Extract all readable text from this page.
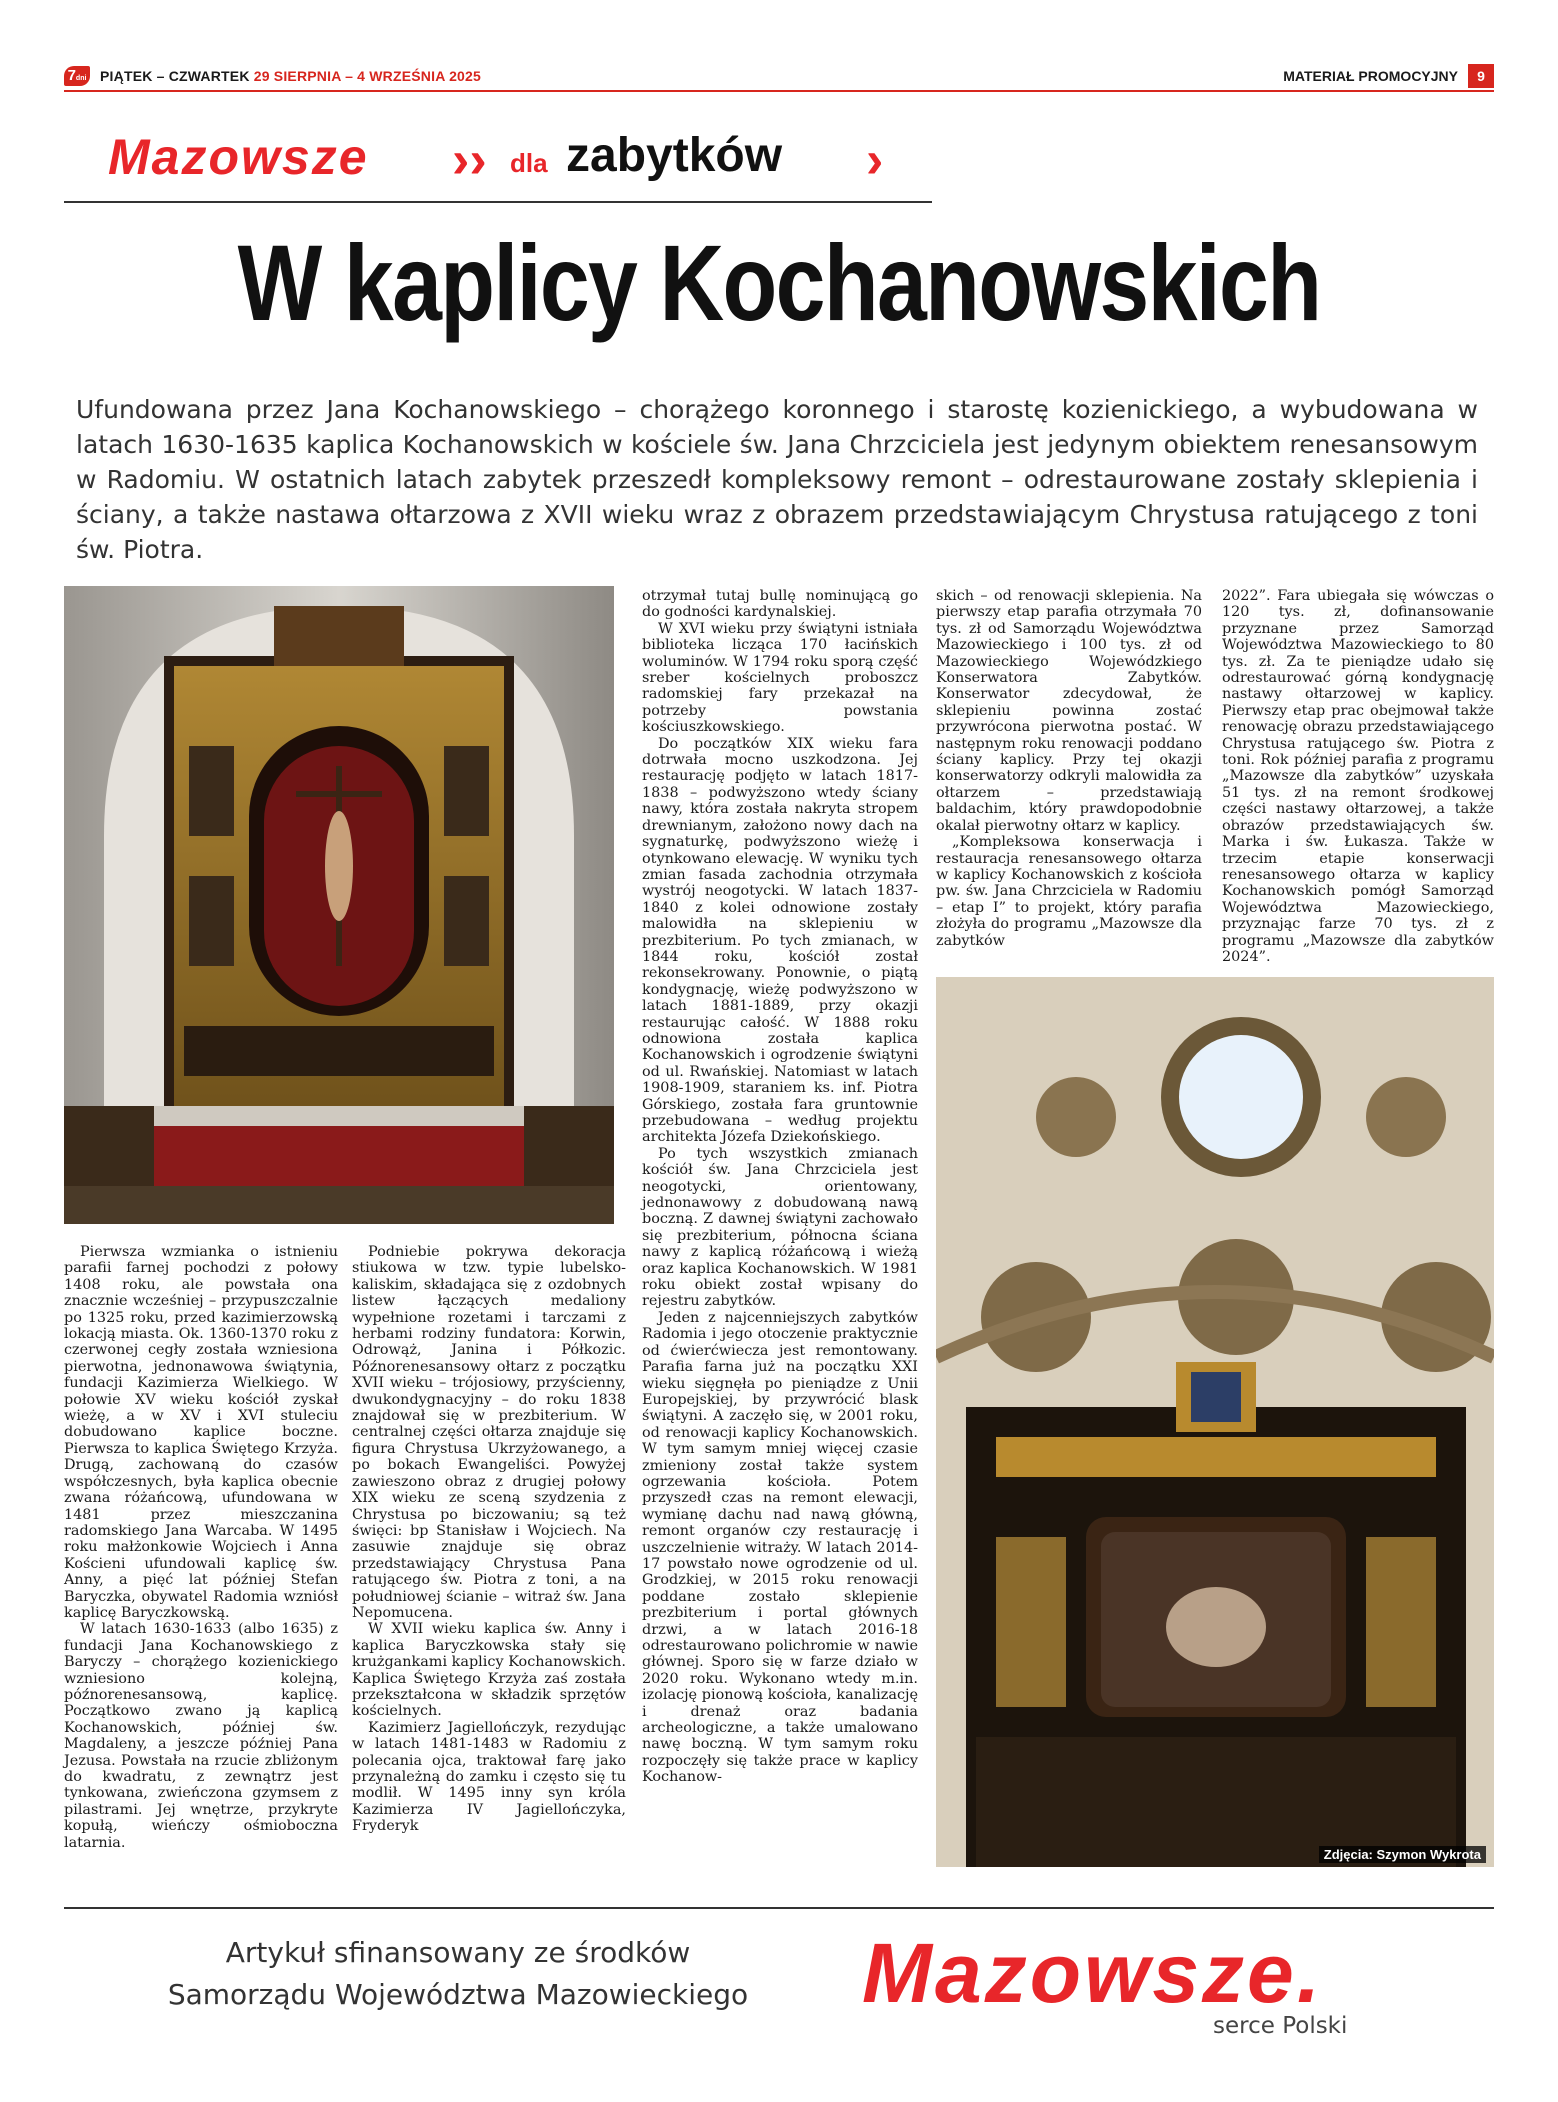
7dni PIĄTEK – CZWARTEK 29 SIERPNIA – 4 WRZEŚNIA 2025	MATERIAŁ PROMOCYJNY	9
Mazowsze ›› dla zabytków ›
W kaplicy Kochanowskich
Ufundowana przez Jana Kochanowskiego – chorążego koronnego i starostę kozienickiego, a wybudowana w latach 1630-1635 kaplica Kochanowskich w kościele św. Jana Chrzciciela jest jedynym obiektem renesansowym w Radomiu. W ostatnich latach zabytek przeszedł kompleksowy remont – odrestaurowane zostały sklepienia i ściany, a także nastawa ołtarzowa z XVII wieku wraz z obrazem przedstawiającym Chrystusa ratującego z toni św. Piotra.
Zdjęcia: Szymon Wykrota

Pierwsza wzmianka o istnieniu parafii farnej pochodzi z połowy 1408 roku, ale powstała ona znacznie wcześniej – przypuszczalnie po 1325 roku, przed kazimierzowską lokacją miasta. Ok. 1360-1370 roku z czerwonej cegły została wzniesiona pierwotna, jednonawowa świątynia, fundacji Kazimierza Wielkiego. W połowie XV wieku kościół zyskał wieżę, a w XV i XVI stuleciu dobudowano kaplice boczne. Pierwsza to kaplica Świętego Krzyża. Drugą, zachowaną do czasów współczesnych, była kaplica obecnie zwana różańcową, ufundowana w 1481 przez mieszczanina radomskiego Jana Warcaba. W 1495 roku małżonkowie Wojciech i Anna Kościeni ufundowali kaplicę św. Anny, a pięć lat później Stefan Baryczka, obywatel Radomia wzniósł kaplicę Baryczkowską.

W latach 1630-1633 (albo 1635) z fundacji Jana Kochanowskiego z Baryczy – chorążego kozienickiego wzniesiono kolejną, późnorenesansową, kaplicę. Początkowo zwano ją kaplicą Kochanowskich, później św. Magdaleny, a jeszcze później Pana Jezusa. Powstała na rzucie zbliżonym do kwadratu, z zewnątrz jest tynkowana, zwieńczona gzymsem z pilastrami. Jej wnętrze, przykryte kopułą, wieńczy ośmioboczna latarnia.

Podniebie pokrywa dekoracja stiukowa w tzw. typie lubelsko-kaliskim, składająca się z ozdobnych listew łączących medaliony wypełnione rozetami i tarczami z herbami rodziny fundatora: Korwin, Odrowąż, Janina i Półkozic. Późnorenesansowy ołtarz z początku XVII wieku – trójosiowy, przyścienny, dwukondygnacyjny – do roku 1838 znajdował się w prezbiterium. W centralnej części ołtarza znajduje się figura Chrystusa Ukrzyżowanego, a po bokach Ewangeliści. Powyżej zawieszono obraz z drugiej połowy XIX wieku ze sceną szydzenia z Chrystusa po biczowaniu; są też święci: bp Stanisław i Wojciech. Na zasuwie znajduje się obraz przedstawiający Chrystusa Pana ratującego św. Piotra z toni, a na południowej ścianie – witraż św. Jana Nepomucena.

W XVII wieku kaplica św. Anny i kaplica Baryczkowska stały się krużgankami kaplicy Kochanowskich. Kaplica Świętego Krzyża zaś została przekształcona w składzik sprzętów kościelnych.

Kazimierz Jagiellończyk, rezydując w latach 1481-1483 w Radomiu z polecania ojca, traktował farę jako przynależną do zamku i często się tu modlił. W 1495 inny syn króla Kazimierza IV Jagiellończyka, Fryderyk

otrzymał tutaj bullę nominującą go do godności kardynalskiej.

W XVI wieku przy świątyni istniała biblioteka licząca 170 łacińskich woluminów. W 1794 roku sporą część sreber kościelnych proboszcz radomskiej fary przekazał na potrzeby powstania kościuszkowskiego.

Do początków XIX wieku fara dotrwała mocno uszkodzona. Jej restaurację podjęto w latach 1817-1838 – podwyższono wtedy ściany nawy, która została nakryta stropem drewnianym, założono nowy dach na sygnaturkę, podwyższono wieżę i otynkowano elewację. W wyniku tych zmian fasada zachodnia otrzymała wystrój neogotycki. W latach 1837-1840 z kolei odnowione zostały malowidła na sklepieniu w prezbiterium. Po tych zmianach, w 1844 roku, kościół został rekonsekrowany. Ponownie, o piątą kondygnację, wieżę podwyższono w latach 1881-1889, przy okazji restaurując całość. W 1888 roku odnowiona została kaplica Kochanowskich i ogrodzenie świątyni od ul. Rwańskiej. Natomiast w latach 1908-1909, staraniem ks. inf. Piotra Górskiego, została fara gruntownie przebudowana – według projektu architekta Józefa Dziekońskiego.

Po tych wszystkich zmianach kościół św. Jana Chrzciciela jest neogotycki, orientowany, jednonawowy z dobudowaną nawą boczną. Z dawnej świątyni zachowało się prezbiterium, północna ściana nawy z kaplicą różańcową i wieżą oraz kaplica Kochanowskich. W 1981 roku obiekt został wpisany do rejestru zabytków.

Jeden z najcenniejszych zabytków Radomia i jego otoczenie praktycznie od ćwierćwiecza jest remontowany. Parafia farna już na początku XXI wieku sięgnęła po pieniądze z Unii Europejskiej, by przywrócić blask świątyni. A zaczęło się, w 2001 roku, od renowacji kaplicy Kochanowskich. W tym samym mniej więcej czasie zmieniony został także system ogrzewania kościoła. Potem przyszedł czas na remont elewacji, wymianę dachu nad nawą główną, remont organów czy restaurację i uszczelnienie witraży. W latach 2014-17 powstało nowe ogrodzenie od ul. Grodzkiej, w 2015 roku renowacji poddane zostało sklepienie prezbiterium i portal głównych drzwi, a w latach 2016-18 odrestaurowano polichromie w nawie głównej. Sporo się w farze działo w 2020 roku. Wykonano wtedy m.in. izolację pionową kościoła, kanalizację i drenaż oraz badania archeologiczne, a także umalowano nawę boczną. W tym samym roku rozpoczęły się także prace w kaplicy Kochanow-

skich – od renowacji sklepienia. Na pierwszy etap parafia otrzymała 70 tys. zł od Samorządu Województwa Mazowieckiego i 100 tys. zł od Mazowieckiego Wojewódzkiego Konserwatora Zabytków. Konserwator zdecydował, że sklepieniu powinna zostać przywrócona pierwotna postać. W następnym roku renowacji poddano ściany kaplicy. Przy tej okazji konserwatorzy odkryli malowidła za ołtarzem – przedstawiają baldachim, który prawdopodobnie okalał pierwotny ołtarz w kaplicy.

„Kompleksowa konserwacja i restauracja renesansowego ołtarza w kaplicy Kochanowskich z kościoła pw. św. Jana Chrzciciela w Radomiu – etap I” to projekt, który parafia złożyła do programu „Mazowsze dla zabytków

2022”. Fara ubiegała się wówczas o 120 tys. zł, dofinansowanie przyznane przez Samorząd Województwa Mazowieckiego to 80 tys. zł. Za te pieniądze udało się odrestaurować górną kondygnację nastawy ołtarzowej w kaplicy. Pierwszy etap prac obejmował także renowację obrazu przedstawiającego Chrystusa ratującego św. Piotra z toni. Rok później parafia z programu „Mazowsze dla zabytków” uzyskała 51 tys. zł na remont środkowej części nastawy ołtarzowej, a także obrazów przedstawiających św. Marka i św. Łukasza. Także w trzecim etapie konserwacji renesansowego ołtarza w kaplicy Kochanowskich pomógł Samorząd Województwa Mazowieckiego, przyznając farze 70 tys. zł z programu „Mazowsze dla zabytków 2024”.

Artykuł sfinansowany ze środków
Samorządu Województwa Mazowieckiego	Mazowsze.
serce Polski
